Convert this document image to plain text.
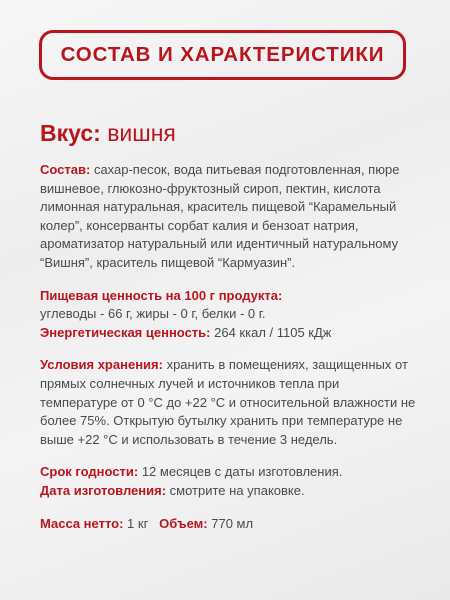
СОСТАВ И ХАРАКТЕРИСТИКИ
Вкус: вишня

Состав: сахар-песок, вода питьевая подготовленная, пюре вишневое, глюкозно-фруктозный сироп, пектин, кислота лимонная натуральная, краситель пищевой “Карамельный колер”, консерванты сорбат калия и бензоат натрия, ароматизатор натуральный или идентичный натуральному “Вишня”, краситель пищевой “Кармуазин”.

Пищевая ценность на 100 г продукта:
углеводы - 66 г, жиры - 0 г, белки - 0 г.

Энергетическая ценность: 264 ккал / 1105 кДж

Условия хранения: хранить в помещениях, защищенных от прямых солнечных лучей и источников тепла при температуре от 0 °С до +22 °С и относительной влажности не более 75%. Открытую бутылку хранить при температуре не выше +22 °С и использовать в течение 3 недель.

Срок годности: 12 месяцев с даты изготовления.

Дата изготовления: смотрите на упаковке.

Масса нетто: 1 кг Объем: 770 мл
